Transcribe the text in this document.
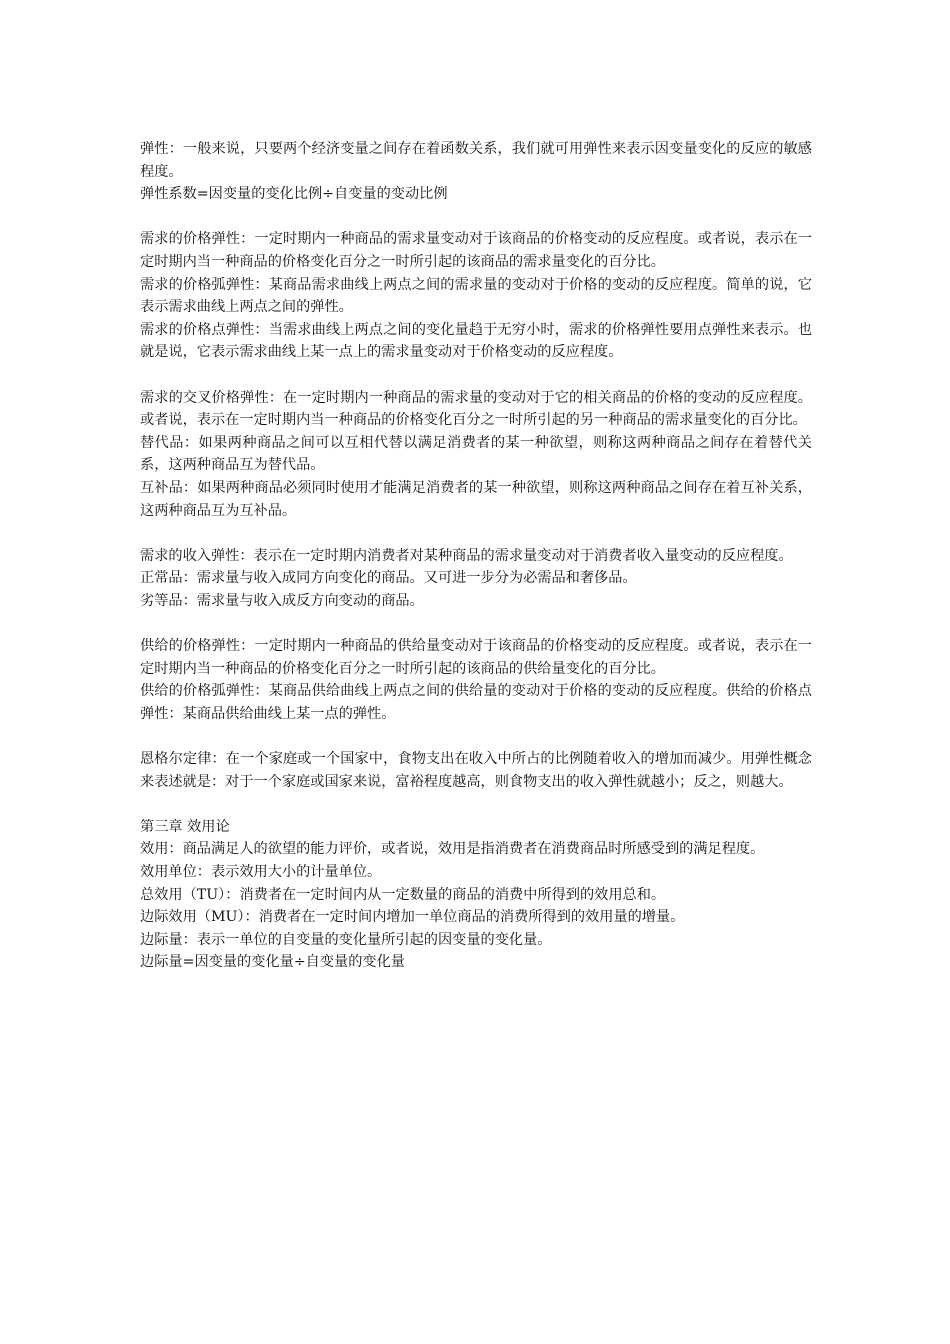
弹性：一般来说，只要两个经济变量之间存在着函数关系，我们就可用弹性来表示因变量变化的反应的敏感程度。

弹性系数=因变量的变化比例÷自变量的变动比例

需求的价格弹性：一定时期内一种商品的需求量变动对于该商品的价格变动的反应程度。或者说，表示在一定时期内当一种商品的价格变化百分之一时所引起的该商品的需求量变化的百分比。

需求的价格弧弹性：某商品需求曲线上两点之间的需求量的变动对于价格的变动的反应程度。简单的说，它表示需求曲线上两点之间的弹性。

需求的价格点弹性：当需求曲线上两点之间的变化量趋于无穷小时，需求的价格弹性要用点弹性来表示。也就是说，它表示需求曲线上某一点上的需求量变动对于价格变动的反应程度。

需求的交叉价格弹性：在一定时期内一种商品的需求量的变动对于它的相关商品的价格的变动的反应程度。或者说，表示在一定时期内当一种商品的价格变化百分之一时所引起的另一种商品的需求量变化的百分比。

替代品：如果两种商品之间可以互相代替以满足消费者的某一种欲望，则称这两种商品之间存在着替代关系，这两种商品互为替代品。

互补品：如果两种商品必须同时使用才能满足消费者的某一种欲望，则称这两种商品之间存在着互补关系，这两种商品互为互补品。

需求的收入弹性：表示在一定时期内消费者对某种商品的需求量变动对于消费者收入量变动的反应程度。

正常品：需求量与收入成同方向变化的商品。又可进一步分为必需品和奢侈品。

劣等品：需求量与收入成反方向变动的商品。

供给的价格弹性：一定时期内一种商品的供给量变动对于该商品的价格变动的反应程度。或者说，表示在一定时期内当一种商品的价格变化百分之一时所引起的该商品的供给量变化的百分比。

供给的价格弧弹性：某商品供给曲线上两点之间的供给量的变动对于价格的变动的反应程度。供给的价格点弹性：某商品供给曲线上某一点的弹性。

恩格尔定律：在一个家庭或一个国家中，食物支出在收入中所占的比例随着收入的增加而减少。用弹性概念来表述就是：对于一个家庭或国家来说，富裕程度越高，则食物支出的收入弹性就越小；反之，则越大。

第三章 效用论

效用：商品满足人的欲望的能力评价，或者说，效用是指消费者在消费商品时所感受到的满足程度。

效用单位：表示效用大小的计量单位。

总效用（TU）：消费者在一定时间内从一定数量的商品的消费中所得到的效用总和。

边际效用（MU）：消费者在一定时间内增加一单位商品的消费所得到的效用量的增量。

边际量：表示一单位的自变量的变化量所引起的因变量的变化量。

边际量=因变量的变化量÷自变量的变化量
